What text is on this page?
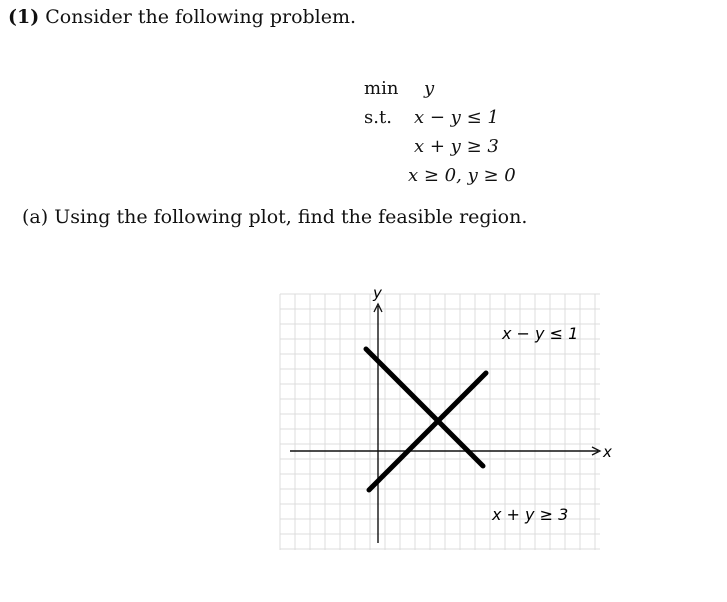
(1) Consider the following problem.
min y
s.t. x − y ≤ 1
x + y ≥ 3
x ≥ 0, y ≥ 0

(a) Using the following plot, find the feasible region.

y
x
x − y ≤ 1
x + y ≥ 3
